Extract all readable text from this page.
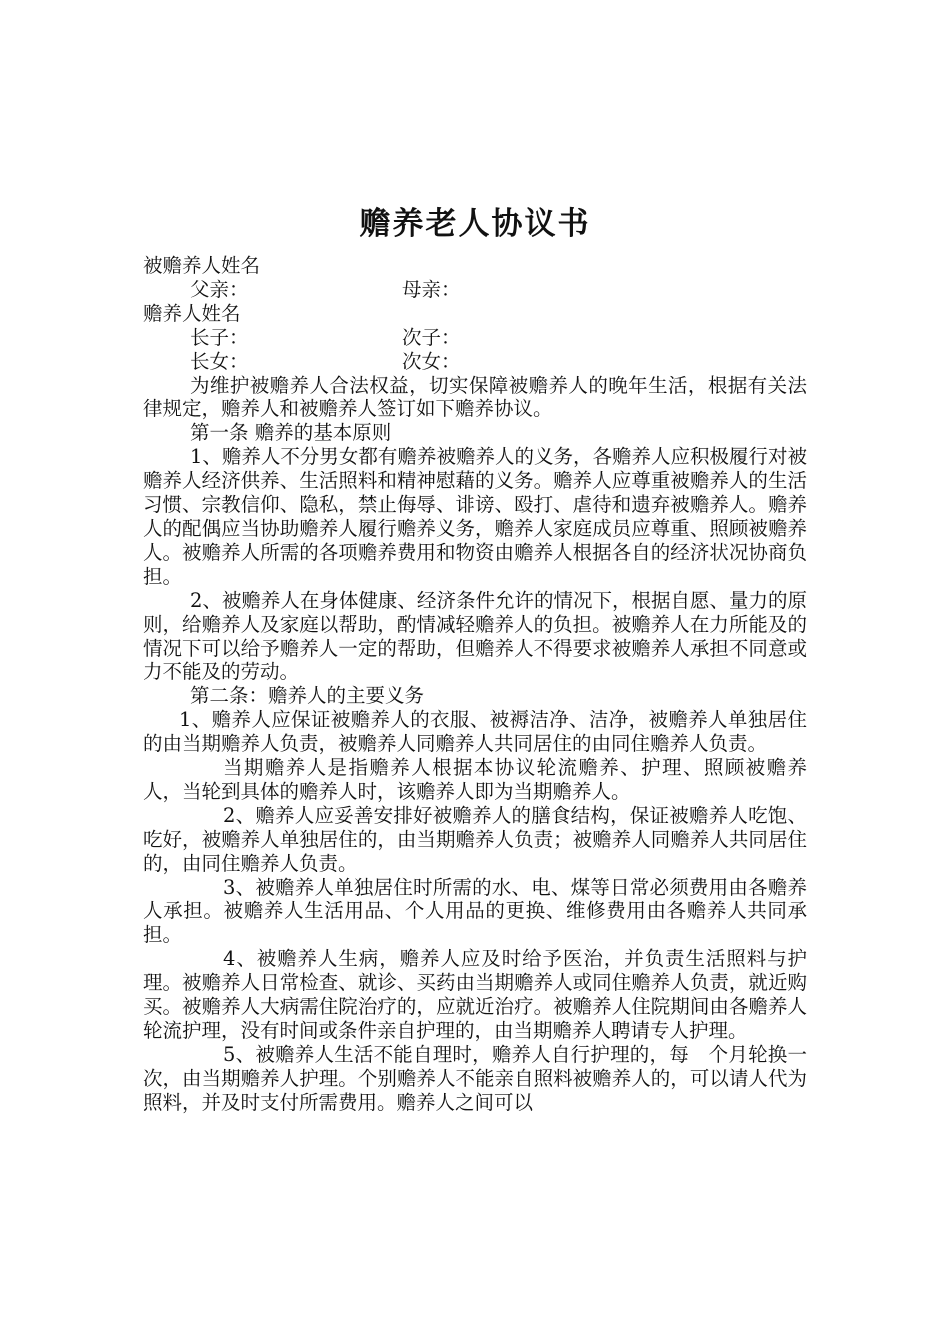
赡养老人协议书

被赡养人姓名

父亲：	母亲：

赡养人姓名

长子：	次子：
长女：	次女：

为维护被赡养人合法权益，切实保障被赡养人的晚年生活，根据有关法律规定，赡养人和被赡养人签订如下赡养协议。

第一条 赡养的基本原则

1、赡养人不分男女都有赡养被赡养人的义务，各赡养人应积极履行对被赡养人经济供养、生活照料和精神慰藉的义务。赡养人应尊重被赡养人的生活习惯、宗教信仰、隐私，禁止侮辱、诽谤、殴打、虐待和遗弃被赡养人。赡养人的配偶应当协助赡养人履行赡养义务，赡养人家庭成员应尊重、照顾被赡养人。被赡养人所需的各项赡养费用和物资由赡养人根据各自的经济状况协商负担。

2、被赡养人在身体健康、经济条件允许的情况下，根据自愿、量力的原则，给赡养人及家庭以帮助，酌情减轻赡养人的负担。被赡养人在力所能及的情况下可以给予赡养人一定的帮助，但赡养人不得要求被赡养人承担不同意或力不能及的劳动。

第二条：赡养人的主要义务

1、赡养人应保证被赡养人的衣服、被褥洁净、洁净，被赡养人单独居住的由当期赡养人负责，被赡养人同赡养人共同居住的由同住赡养人负责。

当期赡养人是指赡养人根据本协议轮流赡养、护理、照顾被赡养人，当轮到具体的赡养人时，该赡养人即为当期赡养人。

2、赡养人应妥善安排好被赡养人的膳食结构，保证被赡养人吃饱、吃好，被赡养人单独居住的，由当期赡养人负责；被赡养人同赡养人共同居住的，由同住赡养人负责。

3、被赡养人单独居住时所需的水、电、煤等日常必须费用由各赡养人承担。被赡养人生活用品、个人用品的更换、维修费用由各赡养人共同承担。

4、被赡养人生病，赡养人应及时给予医治，并负责生活照料与护理。被赡养人日常检查、就诊、买药由当期赡养人或同住赡养人负责，就近购买。被赡养人大病需住院治疗的，应就近治疗。被赡养人住院期间由各赡养人轮流护理，没有时间或条件亲自护理的，由当期赡养人聘请专人护理。

5、被赡养人生活不能自理时，赡养人自行护理的，每　个月轮换一次，由当期赡养人护理。个别赡养人不能亲自照料被赡养人的，可以请人代为照料，并及时支付所需费用。赡养人之间可以
